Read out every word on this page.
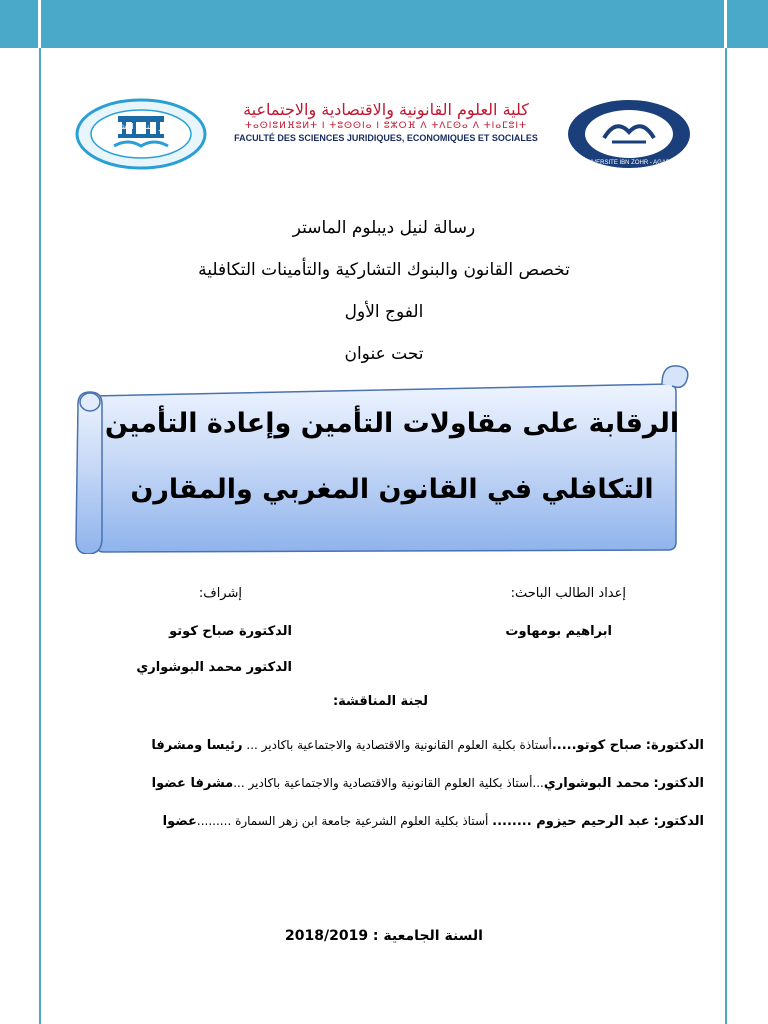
ماستر البنوك التشاركية
كلية العلوم القانونية والاقتصادية والاجتماعية
ⵜⴰⵙⵏⵓⵍⴼⵓⵍⵜ ⵏ ⵜⵓⵙⵙⵏⴰ ⵏ ⵓⵣⵔⴼ ⴷ ⵜⴷⵎⵙⴰ ⴷ ⵜⵏⴰⵎⵓⵏⵜ
FACULTÉ DES SCIENCES JURIDIQUES, ECONOMIQUES ET SOCIALES
UNIVERSITE IBN ZOHR - AGADIR
رسالة لنيل ديبلوم الماستر
تخصص القانون والبنوك التشاركية والتأمينات التكافلية
الفوج الأول
تحت عنوان
الرقابة على مقاولات التأمين وإعادة التأمين
التكافلي في القانون المغربي والمقارن
إعداد الطالب الباحث:
ابراهيم بومهاوت
إشراف:
الدكتورة صباح كوتو
الدكتور محمد البوشواري
لجنة المناقشة:
الدكتورة: صباح كوتو.....أستاذة بكلية العلوم القانونية والاقتصادية والاجتماعية باكادير ... رئيسا ومشرفا
الدكتور: محمد البوشواري...أستاذ بكلية العلوم القانونية والاقتصادية والاجتماعية باكادير ...مشرفا عضوا
الدكتور: عبد الرحيم حيزوم ........ أستاذ بكلية العلوم الشرعية جامعة ابن زهر السمارة .........عضوا
السنة الجامعية : 2018/2019
